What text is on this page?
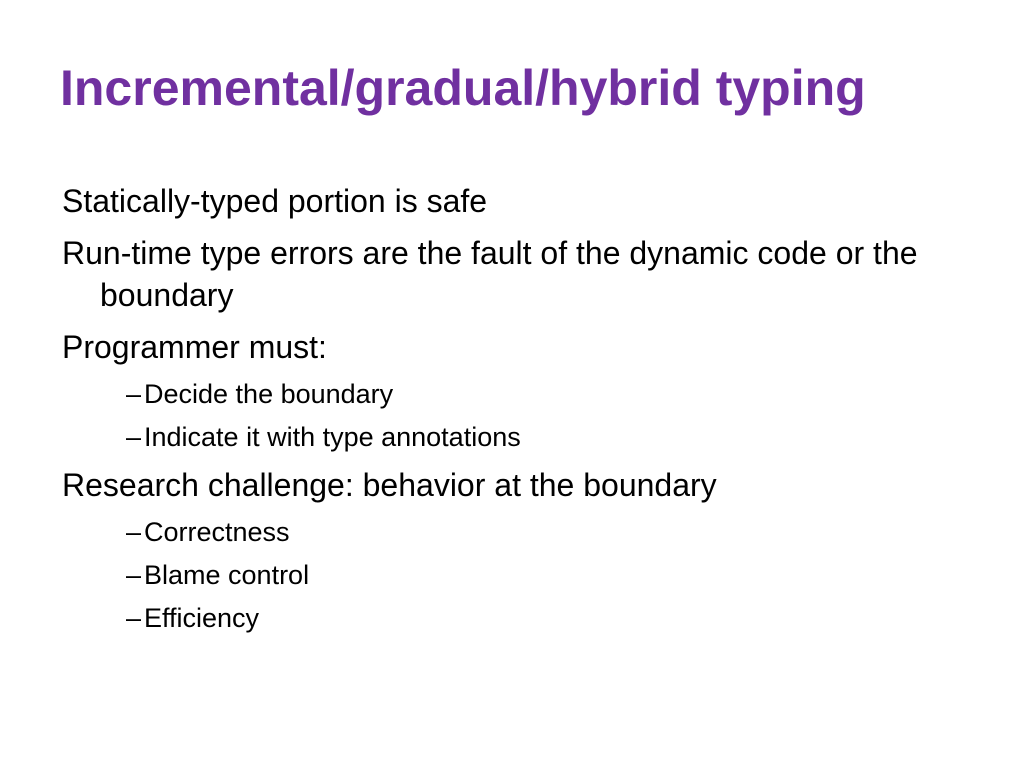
Incremental/gradual/hybrid typing
Statically-typed portion is safe
Run-time type errors are the fault of the dynamic code or the boundary
Programmer must:
– Decide the boundary
– Indicate it with type annotations
Research challenge: behavior at the boundary
– Correctness
– Blame control
– Efficiency
